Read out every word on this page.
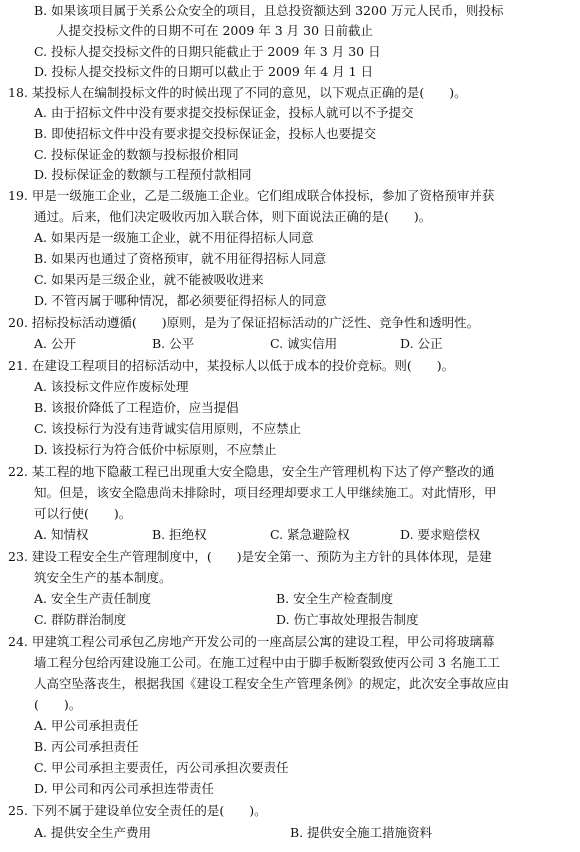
B. 如果该项目属于关系公众安全的项目，且总投资额达到 3200 万元人民币，则投标
人提交投标文件的日期不可在 2009 年 3 月 30 日前截止
C. 投标人提交投标文件的日期只能截止于 2009 年 3 月 30 日
D. 投标人提交投标文件的日期可以截止于 2009 年 4 月 1 日
18. 某投标人在编制投标文件的时候出现了不同的意见，以下观点正确的是(　　)。
A. 由于招标文件中没有要求提交投标保证金，投标人就可以不予提交
B. 即使招标文件中没有要求提交投标保证金，投标人也要提交
C. 投标保证金的数额与投标报价相同
D. 投标保证金的数额与工程预付款相同
19. 甲是一级施工企业，乙是二级施工企业。它们组成联合体投标，参加了资格预审并获
通过。后来，他们决定吸收丙加入联合体，则下面说法正确的是(　　)。
A. 如果丙是一级施工企业，就不用征得招标人同意
B. 如果丙也通过了资格预审，就不用征得招标人同意
C. 如果丙是三级企业，就不能被吸收进来
D. 不管丙属于哪种情况，都必须要征得招标人的同意
20. 招标投标活动遵循(　　)原则，是为了保证招标活动的广泛性、竞争性和透明性。
A. 公开	B. 公平	C. 诚实信用	D. 公正
21. 在建设工程项目的招标活动中，某投标人以低于成本的投价竞标。则(　　)。
A. 该投标文件应作废标处理
B. 该报价降低了工程造价，应当提倡
C. 该投标行为没有违背诚实信用原则，不应禁止
D. 该投标行为符合低价中标原则，不应禁止
22. 某工程的地下隐蔽工程已出现重大安全隐患，安全生产管理机构下达了停产整改的通
知。但是，该安全隐患尚未排除时，项目经理却要求工人甲继续施工。对此情形，甲
可以行使(　　)。
A. 知情权	B. 拒绝权	C. 紧急避险权	D. 要求赔偿权
23. 建设工程安全生产管理制度中，(　　)是安全第一、预防为主方针的具体体现，是建
筑安全生产的基本制度。
A. 安全生产责任制度	B. 安全生产检查制度
C. 群防群治制度	D. 伤亡事故处理报告制度
24. 甲建筑工程公司承包乙房地产开发公司的一座高层公寓的建设工程，甲公司将玻璃幕
墙工程分包给丙建设施工公司。在施工过程中由于脚手板断裂致使丙公司 3 名施工工
人高空坠落丧生，根据我国《建设工程安全生产管理条例》的规定，此次安全事故应由
(　　)。
A. 甲公司承担责任
B. 丙公司承担责任
C. 甲公司承担主要责任，丙公司承担次要责任
D. 甲公司和丙公司承担连带责任
25. 下列不属于建设单位安全责任的是(　　)。
A. 提供安全生产费用	B. 提供安全施工措施资料
